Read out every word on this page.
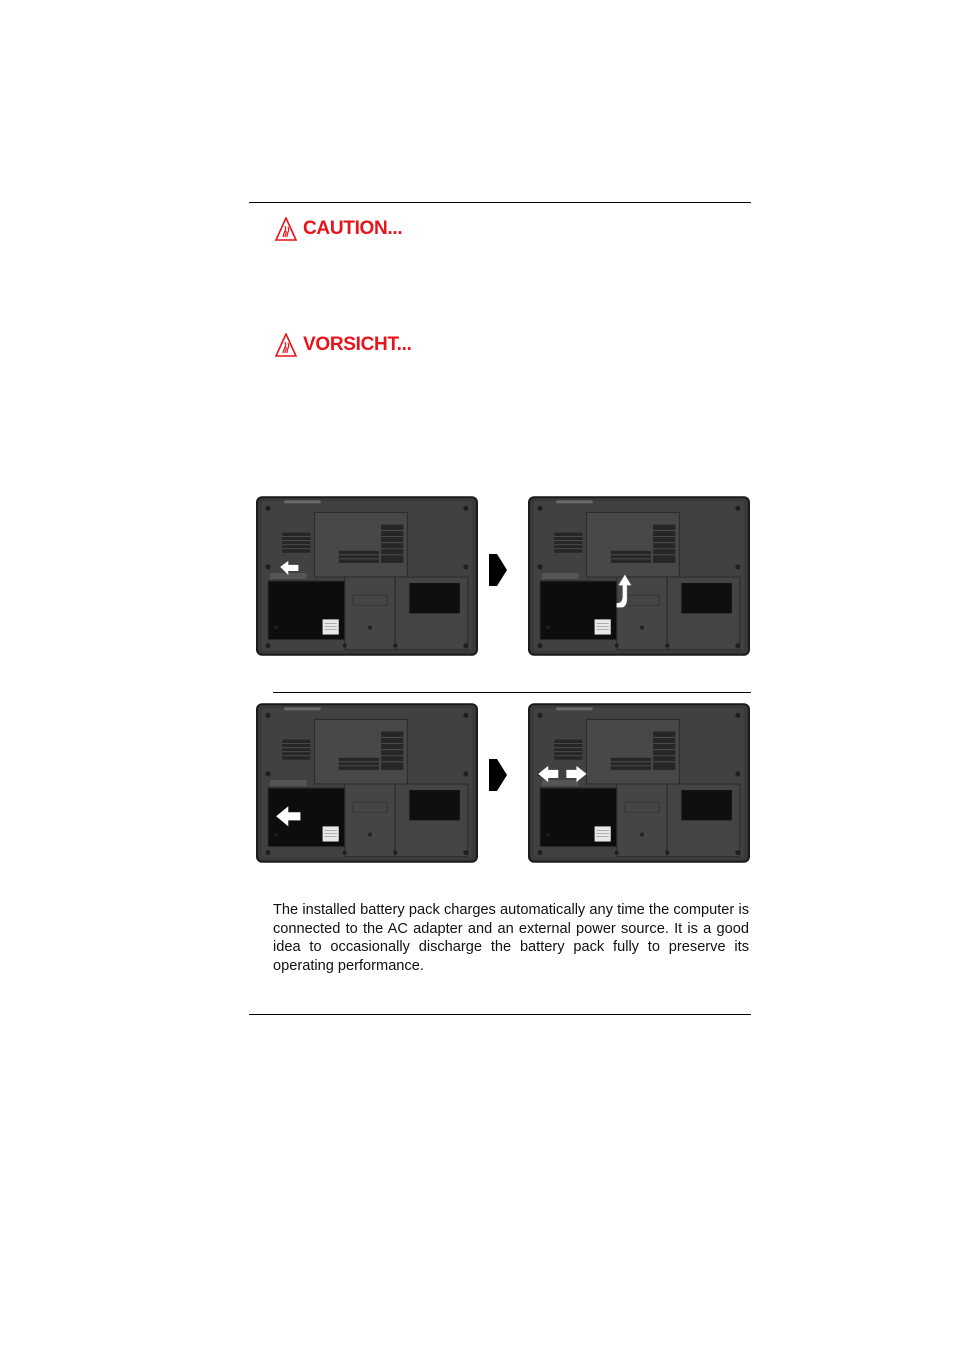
CAUTION...
VORSICHT...

The installed battery pack charges automatically any time the computer is connected to the AC adapter and an external power source. It is a good idea to occasionally discharge the battery pack fully to preserve its operating performance.
